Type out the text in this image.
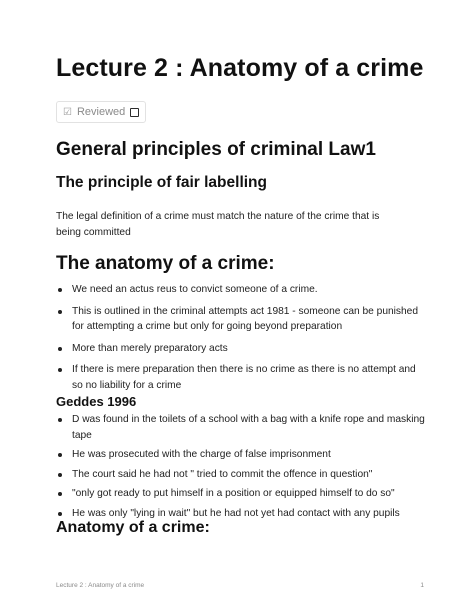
Lecture 2 : Anatomy of a crime
☑ Reviewed
General principles of criminal Law1
The principle of fair labelling

The legal definition of a crime must match the nature of the crime that is being committed

The anatomy of a crime:
We need an actus reus to convict someone of a crime.
This is outlined in the criminal attempts act 1981 - someone can be punished for attempting a crime but only for going beyond preparation
More than merely preparatory acts
If there is mere preparation then there is no crime as there is no attempt and so no liability for a crime
Geddes 1996
D was found in the toilets of a school with a bag with a knife rope and masking tape
He was prosecuted with the charge of false imprisonment
The court said he had not " tried to commit the offence in question"
"only got ready to put himself in a position or equipped himself to do so"
He was only "lying in wait" but he had not yet had contact with any pupils
Anatomy of a crime:
Lecture 2 : Anatomy of a crime	1
